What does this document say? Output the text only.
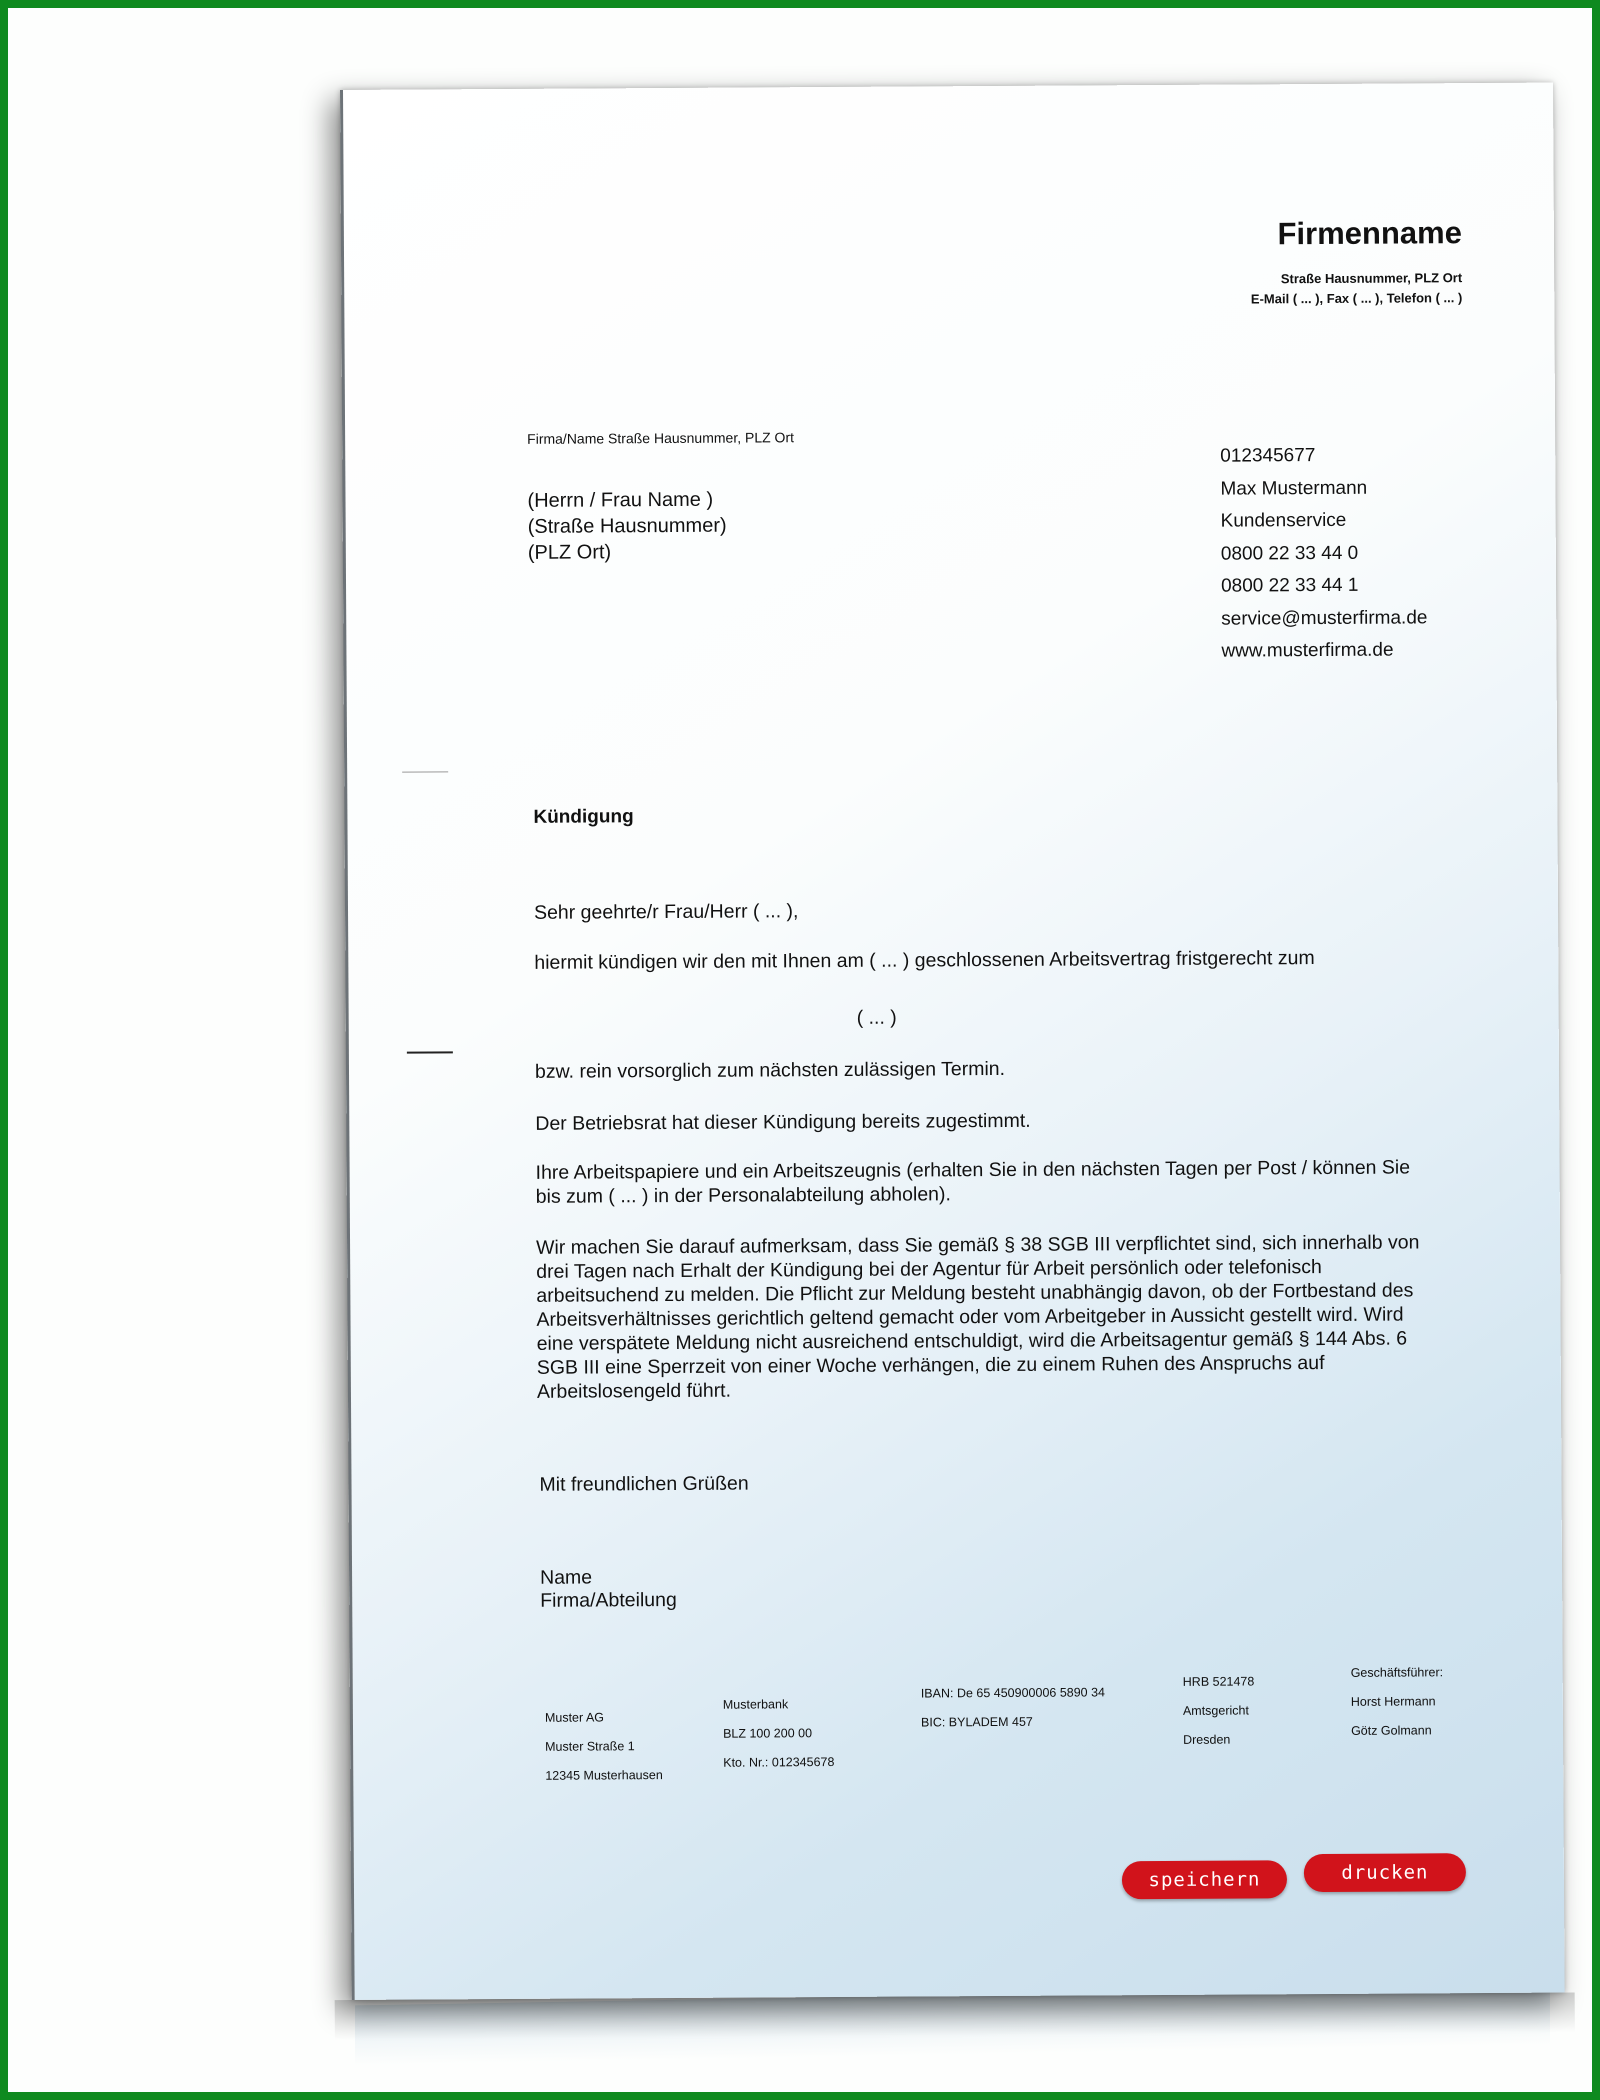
Firmenname
Straße Hausnummer, PLZ Ort
E-Mail ( ... ), Fax ( ... ), Telefon ( ... )
Firma/Name Straße Hausnummer, PLZ Ort
(Herrn / Frau Name )
(Straße Hausnummer)
(PLZ Ort)
012345677
Max Mustermann
Kundenservice
0800 22 33 44 0
0800 22 33 44 1
service@musterfirma.de
www.musterfirma.de
Kündigung
Sehr geehrte/r Frau/Herr ( ... ),
hiermit kündigen wir den mit Ihnen am ( ... ) geschlossenen Arbeitsvertrag fristgerecht zum
( ... )
bzw. rein vorsorglich zum nächsten zulässigen Termin.
Der Betriebsrat hat dieser Kündigung bereits zugestimmt.
Ihre Arbeitspapiere und ein Arbeitszeugnis (erhalten Sie in den nächsten Tagen per Post / können Sie
bis zum ( ... ) in der Personalabteilung abholen).
Wir machen Sie darauf aufmerksam, dass Sie gemäß § 38 SGB III verpflichtet sind, sich innerhalb von
drei Tagen nach Erhalt der Kündigung bei der Agentur für Arbeit persönlich oder telefonisch
arbeitsuchend zu melden. Die Pflicht zur Meldung besteht unabhängig davon, ob der Fortbestand des
Arbeitsverhältnisses gerichtlich geltend gemacht oder vom Arbeitgeber in Aussicht gestellt wird. Wird
eine verspätete Meldung nicht ausreichend entschuldigt, wird die Arbeitsagentur gemäß § 144 Abs. 6
SGB III eine Sperrzeit von einer Woche verhängen, die zu einem Ruhen des Anspruchs auf
Arbeitslosengeld führt.
Mit freundlichen Grüßen
Name
Firma/Abteilung
Muster AG
Muster Straße 1
12345 Musterhausen
Musterbank
BLZ 100 200 00
Kto. Nr.: 012345678
IBAN: De 65 450900006 5890 34
BIC: BYLADEM 457
HRB 521478
Amtsgericht
Dresden
Geschäftsführer:
Horst Hermann
Götz Golmann
speichern	drucken
